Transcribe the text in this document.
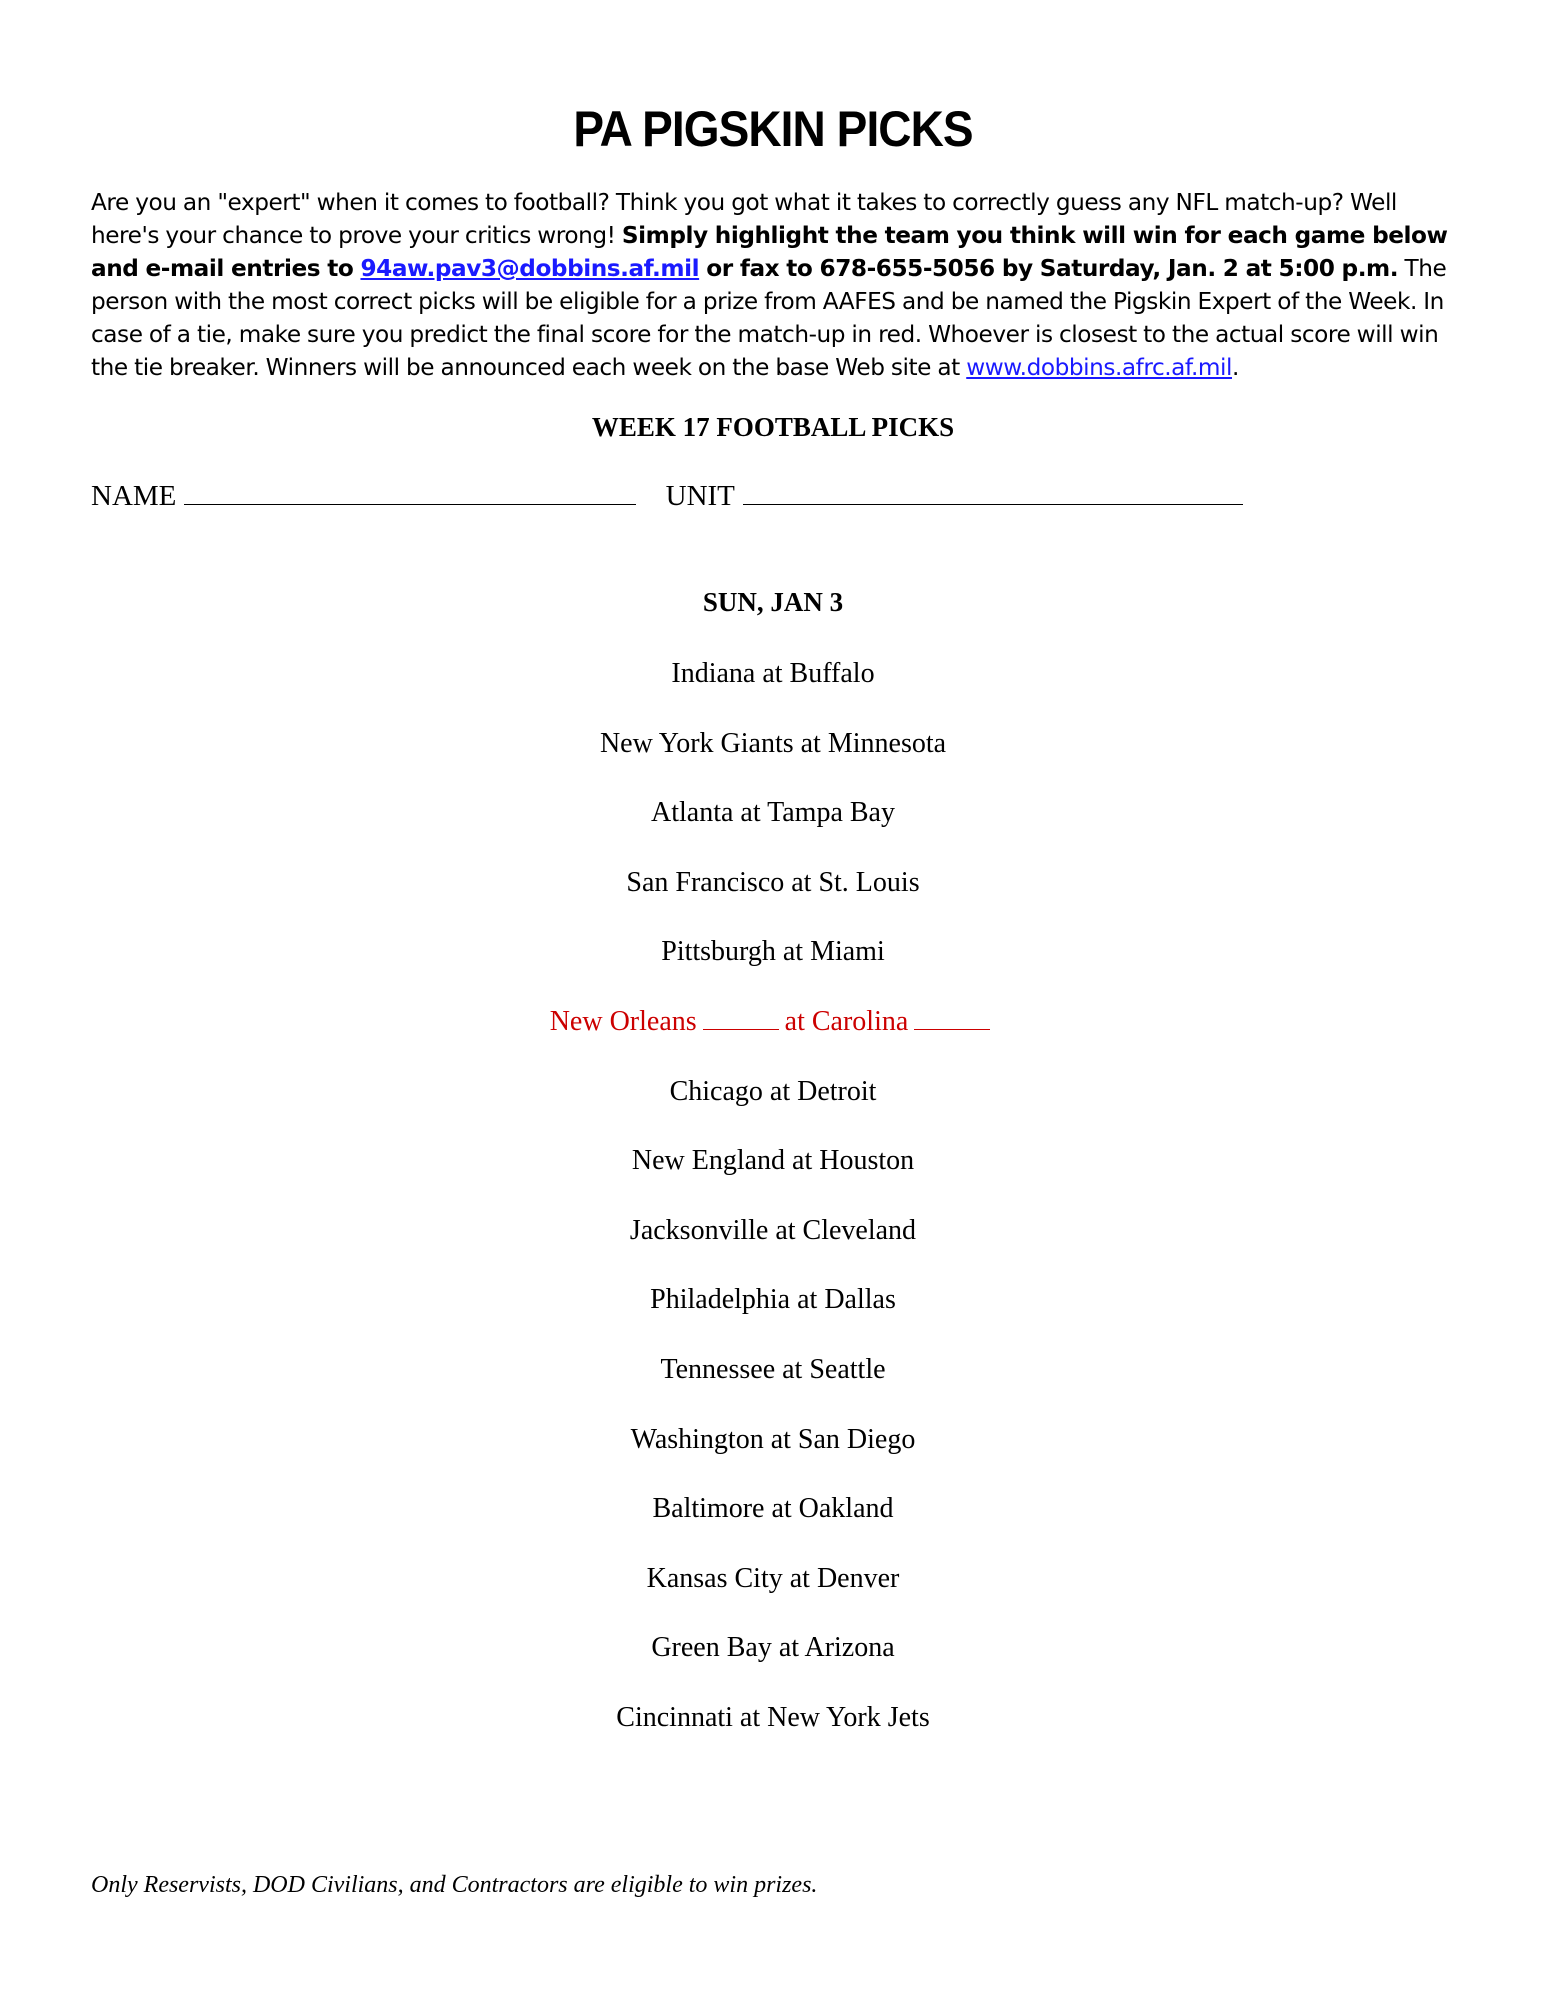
PA PIGSKIN PICKS
Are you an "expert" when it comes to football? Think you got what it takes to correctly guess any NFL match-up? Well here's your chance to prove your critics wrong! Simply highlight the team you think will win for each game below and e-mail entries to 94aw.pav3@dobbins.af.mil or fax to 678-655-5056 by Saturday, Jan. 2 at 5:00 p.m. The person with the most correct picks will be eligible for a prize from AAFES and be named the Pigskin Expert of the Week. In case of a tie, make sure you predict the final score for the match-up in red. Whoever is closest to the actual score will win the tie breaker. Winners will be announced each week on the base Web site at www.dobbins.afrc.af.mil.
WEEK 17 FOOTBALL PICKS
NAME	UNIT
SUN, JAN 3
Indiana at Buffalo
New York Giants at Minnesota
Atlanta at Tampa Bay
San Francisco at St. Louis
Pittsburgh at Miami
New Orleans	at Carolina
Chicago at Detroit
New England at Houston
Jacksonville at Cleveland
Philadelphia at Dallas
Tennessee at Seattle
Washington at San Diego
Baltimore at Oakland
Kansas City at Denver
Green Bay at Arizona
Cincinnati at New York Jets
Only Reservists, DOD Civilians, and Contractors are eligible to win prizes.
